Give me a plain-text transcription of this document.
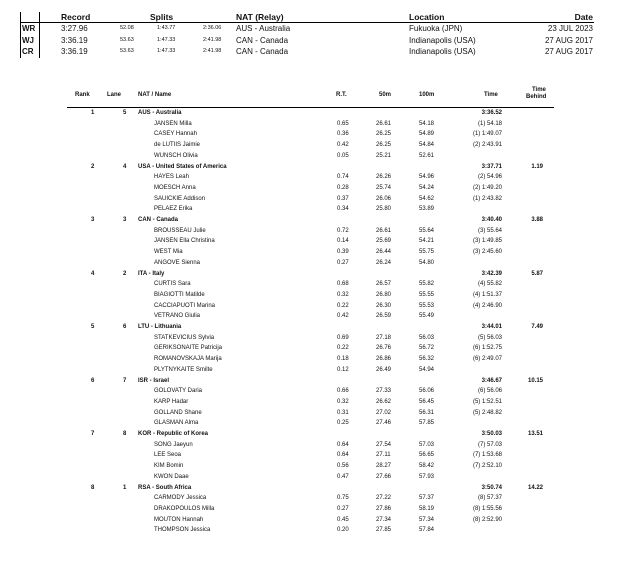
Record	Splits	NAT (Relay)	Location	Date
WR	3:27.96	52.08	1:43.77	2:36.06 AUS - Australia	Fukuoka (JPN)	23 JUL 2023
WJ	3:36.19	53.63	1:47.33	2:41.98 CAN - Canada	Indianapolis (USA)	27 AUG 2017
CR	3:36.19	53.63	1:47.33	2:41.98 CAN - Canada	Indianapolis (USA)	27 AUG 2017
Rank	Lane	NAT / Name	R.T.	50m	100m	Time
Time
Behind
1	5 AUS - Australia	3:36.52
JANSEN Milla	0.65	26.61	54.18	(1) 54.18
CASEY Hannah	0.36	26.25	54.89	(1) 1:49.07
de LUTIIS Jaimie	0.42	26.25	54.84	(2) 2:43.91
WUNSCH Olivia	0.05	25.21	52.61
2	4 USA - United States of America	3:37.71	1.19
HAYES Leah	0.74	26.26	54.96	(2) 54.96
MOESCH Anna	0.28	25.74	54.24	(2) 1:49.20
SAUICKIE Addison	0.37	26.06	54.62	(1) 2:43.82
PELAEZ Erika	0.34	25.80	53.89
3	3 CAN - Canada	3:40.40	3.88
BROUSSEAU Julie	0.72	26.61	55.64	(3) 55.64
JANSEN Ella Christina	0.14	25.69	54.21	(3) 1:49.85
WEST Mia	0.39	26.44	55.75	(3) 2:45.60
ANGOVE Sienna	0.27	26.24	54.80
4	2 ITA - Italy	3:42.39	5.87
CURTIS Sara	0.68	26.57	55.82	(4) 55.82
BIAGIOTTI Matilde	0.32	26.80	55.55	(4) 1:51.37
CACCIAPUOTI Marina	0.22	26.30	55.53	(4) 2:46.90
VETRANO Giulia	0.42	26.59	55.49
5	6 LTU - Lithuania	3:44.01	7.49
STATKEVICIUS Sylvia	0.69	27.18	56.03	(5) 56.03
GERIKSONAITE Patricija	0.22	26.76	56.72	(6) 1:52.75
ROMANOVSKAJA Marija	0.18	26.86	56.32	(6) 2:49.07
PLYTNYKAITE Smilte	0.12	26.49	54.94
6	7 ISR - Israel	3:46.67	10.15
GOLOVATY Daria	0.66	27.33	56.06	(6) 56.06
KARP Hadar	0.32	26.62	56.45	(5) 1:52.51
GOLLAND Shane	0.31	27.02	56.31	(5) 2:48.82
GLASMAN Alma	0.25	27.46	57.85
7	8 KOR - Republic of Korea	3:50.03	13.51
SONG Jaeyun	0.64	27.54	57.03	(7) 57.03
LEE Seoa	0.64	27.11	56.65	(7) 1:53.68
KIM Bomin	0.56	28.27	58.42	(7) 2:52.10
KWON Daae	0.47	27.66	57.93
8	1 RSA - South Africa	3:50.74	14.22
CARMODY Jessica	0.75	27.22	57.37	(8) 57.37
DRAKOPOULOS Milla	0.27	27.86	58.19	(8) 1:55.56
MOUTON Hannah	0.45	27.34	57.34	(8) 2:52.90
THOMPSON Jessica	0.20	27.85	57.84
